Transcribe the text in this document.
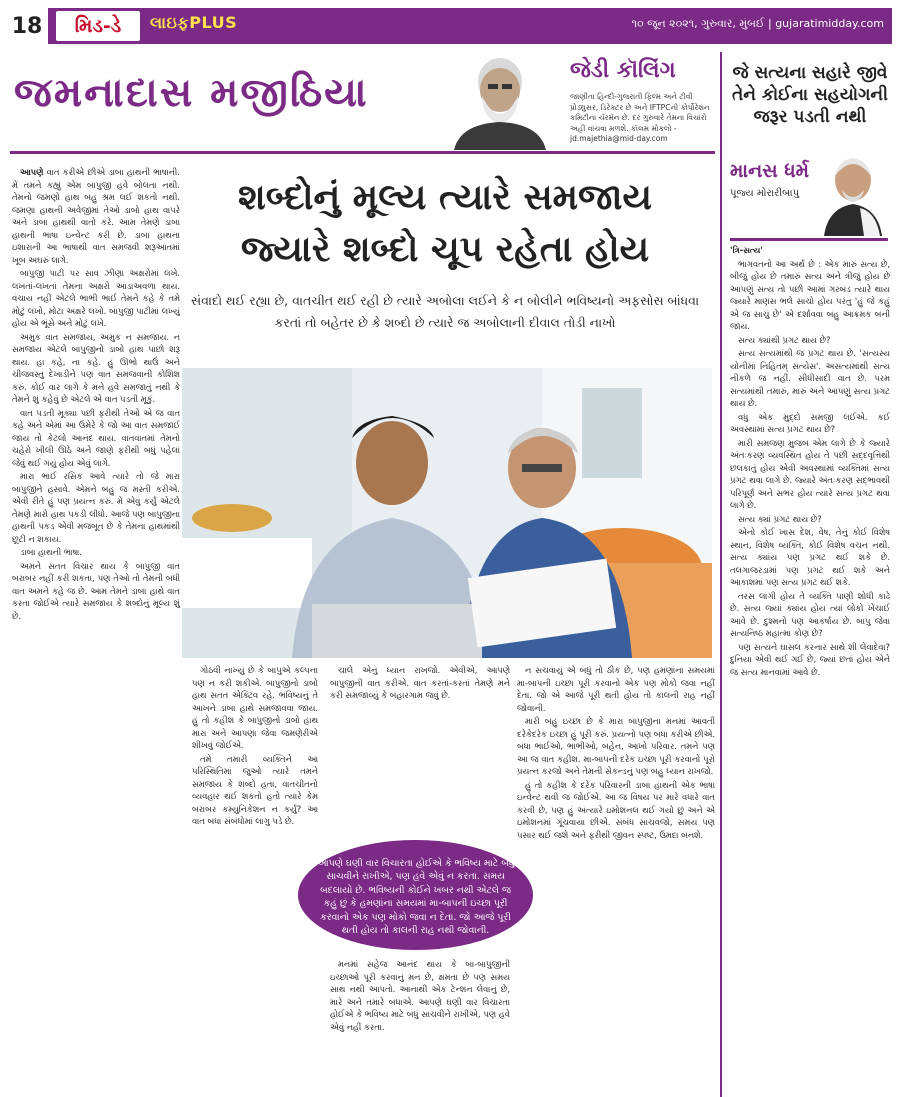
18	મિડ-ડે	લાઇફPLUS	૧૦ જૂન ૨૦૨૧, ગુરુવાર, મુંબઈ | gujaratimidday.com
જમનાદાસ મજીઠિયા	જેડી કૉલિંગ
જાણીતા હિન્દી-ગુજરાતી ફિલ્મ અને ટીવી પ્રોડ્યુસર, ડિરેક્ટર છે અને IFTPCની કોર્પોરેશન કમિટીના ચૅરમૅન છે. દર ગુરુવારે તેમના વિચારો અહીં વાંચવા મળશે. કૉલમ મોકલો - jd.majethia@mid-day.com

આપણે વાત કરીએ છીએ ડાબા હાથની ભાષાની. મેં તમને કહ્યું એમ બાપુજી હવે બોલતા નથી. તેમનો જમણો હાથ બહુ શ્રમ લઈ શકતો નથી. જમણા હાથની અવેજીમાં તેઓ ડાબો હાથ વાપરે અને ડાબા હાથથી વાતો કરે. આમ તેમણે ડાબા હાથની ભાષા ઇન્વેન્ટ કરી છે. ડાબા હાથના ઇશારાની આ ભાષાથી વાત સમજવી શરૂઆતમાં ખૂબ અઘરું લાગે.

બાપુજી પાટી પર સાવ ઝીણા અક્ષરોમાં લખે. લખતાં-લખતાં તેમના અક્ષરો આડાઅવળા થાય. વંચાય નહીં એટલે ભાભી ભાઈ તેમને કહે કે તમે મોટું લખો, મોટા અક્ષરે લખો. બાપુજી પાટીમાં લખ્યું હોય એ ભૂંસે અને મોટું લખે.

અમુક વાત સમજાય, અમુક ન સમજાય. ન સમજાય એટલે બાપુજીનો ડાબો હાથ પાછો શરૂ થાય. હા કહે, ના કહે. હું ઊભો થાઉં અને ચીજવસ્તુ દેખાડીને પણ વાત સમજવાની કોશિશ કરું. કોઈ વાર લાગે કે મને હવે સમજાતું નથી કે તેમને શું કહેવું છે એટલે એ વાત પડતી મૂકું.

વાત પડતી મૂક્યા પછી ફરીથી તેઓ એ જ વાત કહે અને એમાં આ ઉમેરે કે જો આ વાત સમજાઈ જાય તો કેટલો આનંદ થાય. વાતવાતમાં તેમનો ચહેરો ખીલી ઊઠે અને જાણે ફરીથી બધું પહેલાં જેવું થઈ ગયું હોય એવું લાગે.

મારા ભાઈ રસિક આવે ત્યારે તો જે મારા બાપુજીને હસાવે. એમને બહુ જ મસ્તી કરીએ. એવી રીતે હું પણ પ્રયત્ન કરું. મેં એવું કર્યું એટલે તેમણે મારો હાથ પકડી લીધો. આજે પણ બાપુજીના હાથની પકડ એવી મજબૂત છે કે તેમના હાથમાંથી છૂટી ન શકાય.

ડાબા હાથની ભાષા.

અમને સતત વિચાર થાય કે બાપુજી વાત બરાબર નહીં કરી શકતા, પણ તેઓ તો તેમની બધી વાત અમને કહે જ છે. આમ તેમને ડાબા હાથે વાત કરતા જોઈએ ત્યારે સમજાય કે શબ્દોનું મૂલ્ય શું છે.

શબ્દોનું મૂલ્ય ત્યારે સમજાય
જ્યારે શબ્દો ચૂપ રહેતા હોય
સંવાદો થઈ રહ્યા છે, વાતચીત થઈ રહી છે ત્યારે અબોલા લઈને કે ન બોલીને ભવિષ્યનો અફસોસ બાંધવા કરતાં તો બહેતર છે કે શબ્દો છે ત્યારે જ અબોલાની દીવાલ તોડી નાખો

ગોઠવી નાખ્યું છે કે બાપુએ કલ્પના પણ ન કરી શકીએ. બાપુજીનો ડાબો હાથ સતત એક્ટિવ રહે. ભવિષ્યનું તે આખને ડાબા હાથે સમજાવવા જાય. હું તો કહીશ કે બાપુજીનો ડાબો હાથ મારા અને આપણા જેવા જમણેરીએ શીખવું જોઈએ.

તમે તમારી વ્યક્તિને આ પરિસ્થિતિમાં જુઓ ત્યારે તમને સમજાય કે શબ્દો હતા, વાતચીતનો વ્યવહાર થઈ શકતો હતો ત્યારે કેમ બરાબર કમ્યુનિકેશન ન કર્યું? આ વાત બધા સંબંધોમાં લાગુ પડે છે.

ચાલે એનું ધ્યાન રાખજો. એવીએ, આપણે બાપુજીની વાત કરીએ. વાત કરતાં-કરતાં તેમણે મને કરી સમજાવ્યું કે બહારગામ જવું છે.

મનમાં સહેજ આનંદ થાય કે બા-બાપુજીની ઇચ્છાઓ પૂરી કરવાનું મન છે, ક્ષમતા છે પણ સમય સાથ નથી આપતો. આનાથી એક ટેન્શન લેવાનું છે, મારે અને તમારે બધાએ. આપણે ઘણી વાર વિચારતા હોઈએ કે ભવિષ્ય માટે બધું સાચવીને રાખીએ, પણ હવે એવું નહીં કરતા.

ન સચવાયું એ બધું તો ઠીક છે, પણ હમણાંના સમયમાં મા-બાપની ઇચ્છા પૂરી કરવાનો એક પણ મોકો જવા નહીં દેતા. જો એ આજે પૂરી થતી હોય તો કાલની રાહ નહીં જોવાની.

મારી બહુ ઇચ્છા છે કે મારા બાપુજીના મનમાં આવતી દરેકેદરેક ઇચ્છા હું પૂરી કરું. પ્રયત્નો પણ બધા કરીએ છીએ. બધા ભાઈઓ, ભાભીઓ, બહેન, આખો પરિવાર. તમને પણ આ જ વાત કહીશ. મા-બાપની દરેક ઇચ્છા પૂરી કરવાનો પૂરો પ્રયત્ન કરજો અને તેમની સેકન્ડનું પણ બહુ ધ્યાન રાખજો.

હું તો કહીશ કે દરેક પરિવારની ડાબા હાથની એક ભાષા ઇન્વેન્ટ થવી જ જોઈએ. આ જ વિષય પર મારે વધારે વાત કરવી છે, પણ હું અત્યારે ઇમોશનલ થઈ ગયો છું અને એ ઇમોશનમાં ગૂંચવાયા છીએ. સંબંધ સાચવજો, સમય પણ પસાર થઈ જશે અને ફરીથી જીવન સ્પષ્ટ, ઉમદા બનશે.

આપણે ઘણી વાર વિચારતા હોઈએ કે ભવિષ્ય માટે બધું સાચવીને રાખીએ, પણ હવે એવું ન કરતા. સમય બદલાયો છે. ભવિષ્યની કોઈને ખબર નથી એટલે જ કહું છું કે હમણાંના સમયમાં મા-બાપની ઇચ્છા પૂરી કરવાનો એક પણ મોકો જવા ન દેતા. જો આજે પૂરી થતી હોય તો કાલની રાહ નથી જોવાની.
જે સત્યના સહારે જીવે તેને કોઈના સહયોગની જરૂર પડતી નથી
માનસ ધર્મ
પૂજ્ય મોરારીબાપુ

'ત્રિ-સત્ય'

ભાગવતનો આ અર્થ છે : એક મારું સત્ય છે, બીજું હોય છે તમારું સત્ય અને ત્રીજું હોય છે આપણું સત્ય તો પછી આમાં ગરબડ ત્યારે થાય જ્યારે માણસ ભલે સાચો હોય પરંતુ 'હું જે કહું એ જ સાચું છે' એ દર્શાવવા બહુ આક્રમક બની જાય.

સત્ય ક્યાંથી પ્રગટ થાય છે?

સત્ય સત્યમાંથી જ પ્રગટ થાય છે. 'સત્યસ્ય યોનીમાં નિહિતમ્ સત્યેસ'. અસત્યમાંથી સત્ય નીકળે જ નહીં. સીધીસાદી વાત છે. પરમ સત્યમાંથી તમારું, મારું અને આપણું સત્ય પ્રગટ થાય છે.

વધુ એક મુદ્દો સમજી લઈએ. કઈ અવસ્થામાં સત્ય પ્રગટ થાય છે?

મારી સમજણ મુજબ એમ લાગે છે કે જ્યારે અંતઃકરણ વ્યવસ્થિત હોય તે પછી સદ્દવૃત્તિથી છલકાતું હોય એવી અવસ્થામાં વ્યક્તિમાં સત્ય પ્રગટ થવા લાગે છે. જ્યારે અંતઃકરણ સદ્ભાવથી પરિપૂર્ણ અને સભર હોય ત્યારે સત્ય પ્રગટ થવા લાગે છે.

સત્ય ક્યાં પ્રગટ થાય છે?

એનો કોઈ ખાસ દેશ, વેષ, તેનું કોઈ વિશેષ સ્થાન, વિશેષ વ્યક્તિ, કોઈ વિશેષ વચન નથી. સત્ય ક્યાંય પણ પ્રગટ થઈ શકે છે. તલગાજરડામાં પણ પ્રગટ થઈ શકે અને આકાશમાં પણ સત્ય પ્રગટ થઈ શકે.

તરસ લાગી હોય તે વ્યક્તિ પાણી શોધી કાઢે છે. સત્ય જ્યાં ક્યાંય હોય ત્યાં લોકો ખેંચાઈ આવે છે. દુશ્મનો પણ આકર્ષાય છે. બાપુ જેવા સત્યનિષ્ઠ મહાત્મા કોણ છે?

પણ સત્યને ઘાસલ કરનાર સાથે શી લેવાદેવા? દુનિયા એવી થઈ ગઈ છે, જ્યાં છતાં હોય એને જ સત્ય માનવામાં આવે છે.
